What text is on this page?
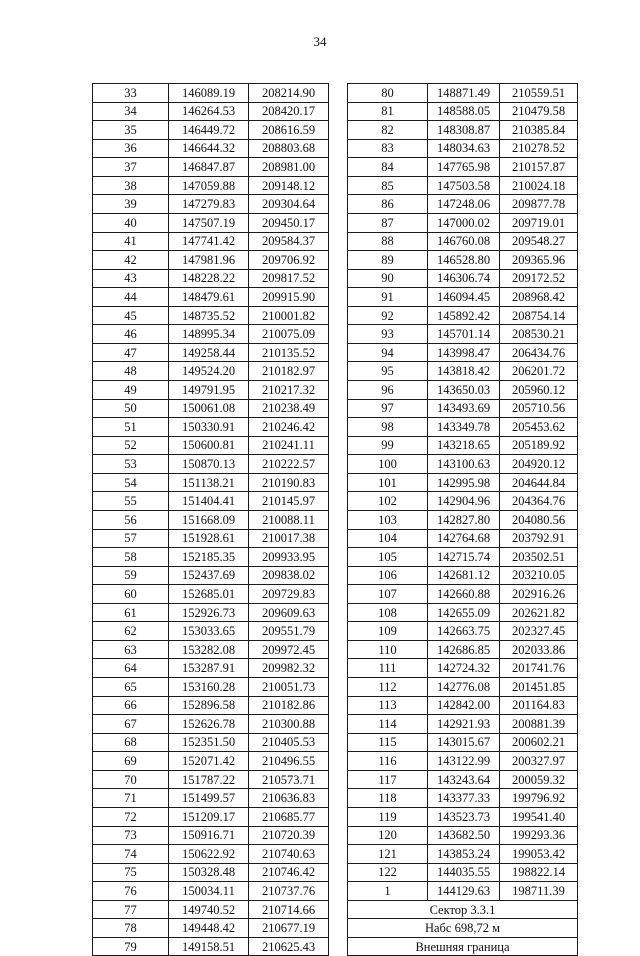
34
33	146089.19	208214.90
34	146264.53	208420.17
35	146449.72	208616.59
36	146644.32	208803.68
37	146847.87	208981.00
38	147059.88	209148.12
39	147279.83	209304.64
40	147507.19	209450.17
41	147741.42	209584.37
42	147981.96	209706.92
43	148228.22	209817.52
44	148479.61	209915.90
45	148735.52	210001.82
46	148995.34	210075.09
47	149258.44	210135.52
48	149524.20	210182.97
49	149791.95	210217.32
50	150061.08	210238.49
51	150330.91	210246.42
52	150600.81	210241.11
53	150870.13	210222.57
54	151138.21	210190.83
55	151404.41	210145.97
56	151668.09	210088.11
57	151928.61	210017.38
58	152185.35	209933.95
59	152437.69	209838.02
60	152685.01	209729.83
61	152926.73	209609.63
62	153033.65	209551.79
63	153282.08	209972.45
64	153287.91	209982.32
65	153160.28	210051.73
66	152896.58	210182.86
67	152626.78	210300.88
68	152351.50	210405.53
69	152071.42	210496.55
70	151787.22	210573.71
71	151499.57	210636.83
72	151209.17	210685.77
73	150916.71	210720.39
74	150622.92	210740.63
75	150328.48	210746.42
76	150034.11	210737.76
77	149740.52	210714.66
78	149448.42	210677.19
79	149158.51	210625.43
80	148871.49	210559.51
81	148588.05	210479.58
82	148308.87	210385.84
83	148034.63	210278.52
84	147765.98	210157.87
85	147503.58	210024.18
86	147248.06	209877.78
87	147000.02	209719.01
88	146760.08	209548.27
89	146528.80	209365.96
90	146306.74	209172.52
91	146094.45	208968.42
92	145892.42	208754.14
93	145701.14	208530.21
94	143998.47	206434.76
95	143818.42	206201.72
96	143650.03	205960.12
97	143493.69	205710.56
98	143349.78	205453.62
99	143218.65	205189.92
100	143100.63	204920.12
101	142995.98	204644.84
102	142904.96	204364.76
103	142827.80	204080.56
104	142764.68	203792.91
105	142715.74	203502.51
106	142681.12	203210.05
107	142660.88	202916.26
108	142655.09	202621.82
109	142663.75	202327.45
110	142686.85	202033.86
111	142724.32	201741.76
112	142776.08	201451.85
113	142842.00	201164.83
114	142921.93	200881.39
115	143015.67	200602.21
116	143122.99	200327.97
117	143243.64	200059.32
118	143377.33	199796.92
119	143523.73	199541.40
120	143682.50	199293.36
121	143853.24	199053.42
122	144035.55	198822.14
1	144129.63	198711.39
Сектор 3.3.1		
Набс 698,72 м		
Внешняя граница		
